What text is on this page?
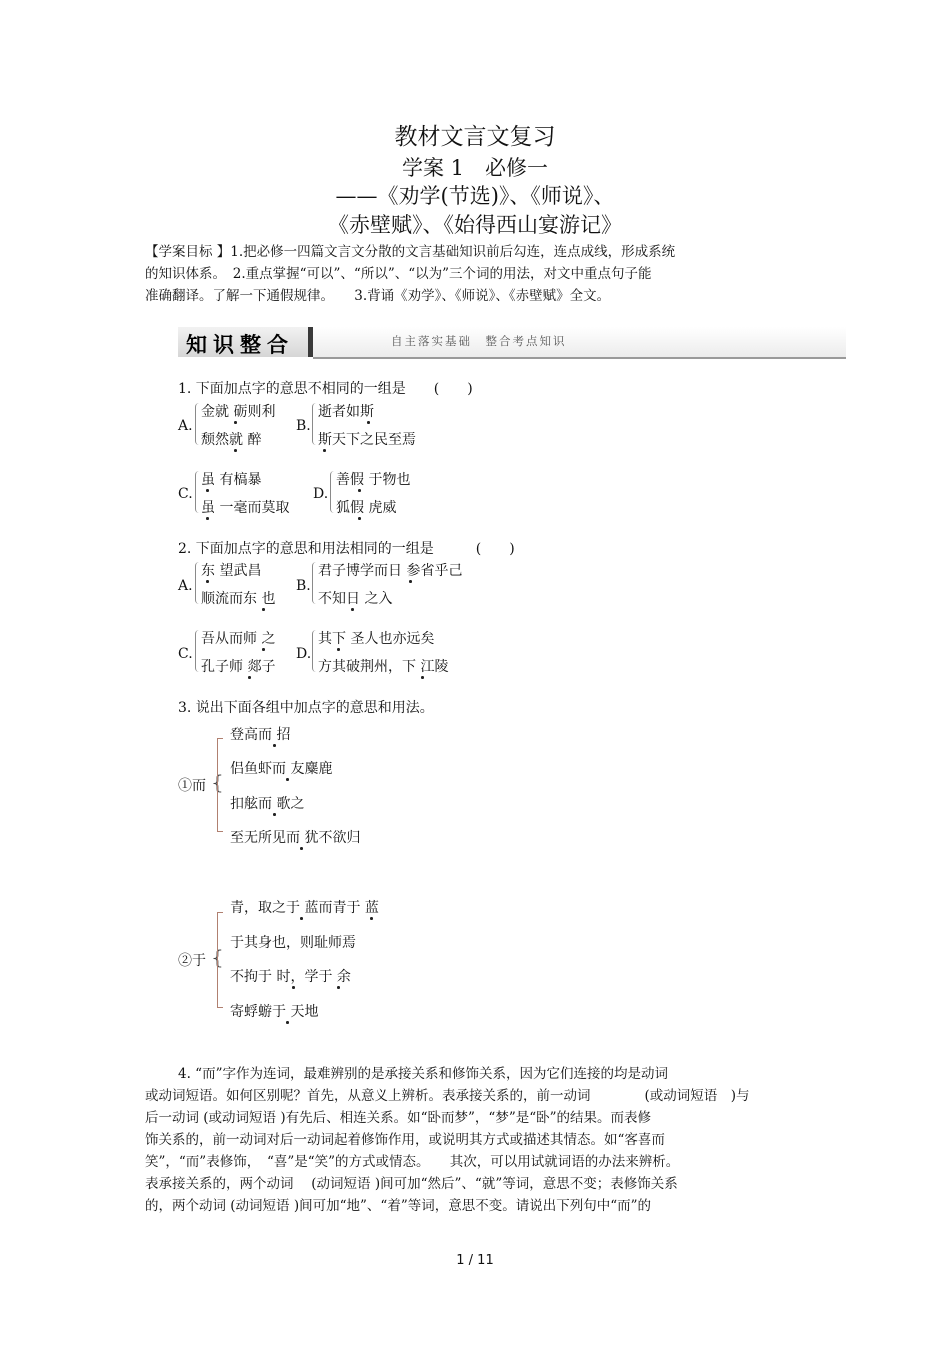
教材文言文复习
学案 1　必修一
——《劝学(节选)》、《师说》、
《赤壁赋》、《始得西山宴游记》
【学案目标 】1.把必修一四篇文言文分散的文言基础知识前后勾连，连点成线，形成系统
的知识体系。　2.重点掌握“可以”、“所以”、“以为”三个词的用法，对文中重点句子能
准确翻译。了解一下通假规律。　　3.背诵《劝学》、《师说》、《赤壁赋》全文。
知识整合	自主落实基础　整合考点知识
1. 下面加点字的意思不相同的一组是　　(　　)
A.
金就 砺则利
颓然就 醉
B.
逝者如斯
斯天下之民至焉
C.
虽 有槁暴
虽 一毫而莫取
D.
善假 于物也
狐假 虎威
2. 下面加点字的意思和用法相同的一组是　　　(　　)
A.
东 望武昌
顺流而东 也
B.
君子博学而日 参省乎己
不知日 之入
C.
吾从而师 之
孔子师 郯子
D.
其下 圣人也亦远矣
方其破荆州，下 江陵
3. 说出下面各组中加点字的意思和用法。
①而 {
登高而 招
侣鱼虾而 友麋鹿
扣舷而 歌之
至无所见而 犹不欲归
②于 {
青，取之于 蓝而青于 蓝
于其身也，则耻师焉
不拘于 时，学于 余
寄蜉蝣于 天地
4. “而”字作为连词，最难辨别的是承接关系和修饰关系，因为它们连接的均是动词
或动词短语。如何区别呢？首先，从意义上辨析。表承接关系的，前一动词　　　　(或动词短语　)与
后一动词 (或动词短语 )有先后、相连关系。如“卧而梦”，“梦”是“卧”的结果。而表修
饰关系的，前一动词对后一动词起着修饰作用，或说明其方式或描述其情态。如“客喜而
笑”，“而”表修饰，　“喜”是“笑”的方式或情态。　　其次，可以用试就词语的办法来辨析。
表承接关系的，两个动词　 (动词短语 )间可加“然后”、“就”等词，意思不变；表修饰关系
的，两个动词 (动词短语 )间可加“地”、“着”等词，意思不变。请说出下列句中“而”的
1 / 11
